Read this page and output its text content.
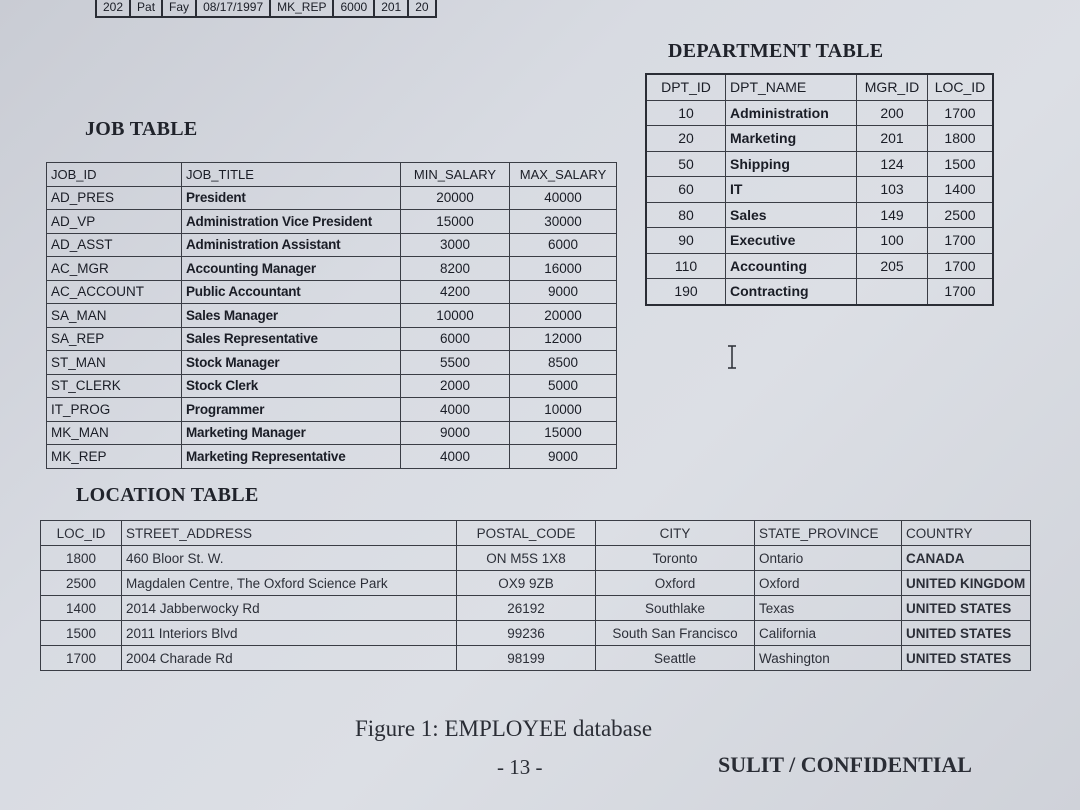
202	Pat	Fay	08/17/1997	MK_REP	6000	201	20
DEPARTMENT TABLE
DPT_ID	DPT_NAME	MGR_ID	LOC_ID
10	Administration	200	1700
20	Marketing	201	1800
50	Shipping	124	1500
60	IT	103	1400
80	Sales	149	2500
90	Executive	100	1700
110	Accounting	205	1700
190	Contracting		1700
JOB TABLE
JOB_ID	JOB_TITLE	MIN_SALARY	MAX_SALARY
AD_PRES	President	20000	40000
AD_VP	Administration Vice President	15000	30000
AD_ASST	Administration Assistant	3000	6000
AC_MGR	Accounting Manager	8200	16000
AC_ACCOUNT	Public Accountant	4200	9000
SA_MAN	Sales Manager	10000	20000
SA_REP	Sales Representative	6000	12000
ST_MAN	Stock Manager	5500	8500
ST_CLERK	Stock Clerk	2000	5000
IT_PROG	Programmer	4000	10000
MK_MAN	Marketing Manager	9000	15000
MK_REP	Marketing Representative	4000	9000
LOCATION TABLE
LOC_ID	STREET_ADDRESS	POSTAL_CODE	CITY	STATE_PROVINCE	COUNTRY
1800	460 Bloor St. W.	ON M5S 1X8	Toronto	Ontario	CANADA
2500	Magdalen Centre, The Oxford Science Park	OX9 9ZB	Oxford	Oxford	UNITED KINGDOM
1400	2014 Jabberwocky Rd	26192	Southlake	Texas	UNITED STATES
1500	2011 Interiors Blvd	99236	South San Francisco	California	UNITED STATES
1700	2004 Charade Rd	98199	Seattle	Washington	UNITED STATES
Figure 1: EMPLOYEE database
- 13 -	SULIT / CONFIDENTIAL
